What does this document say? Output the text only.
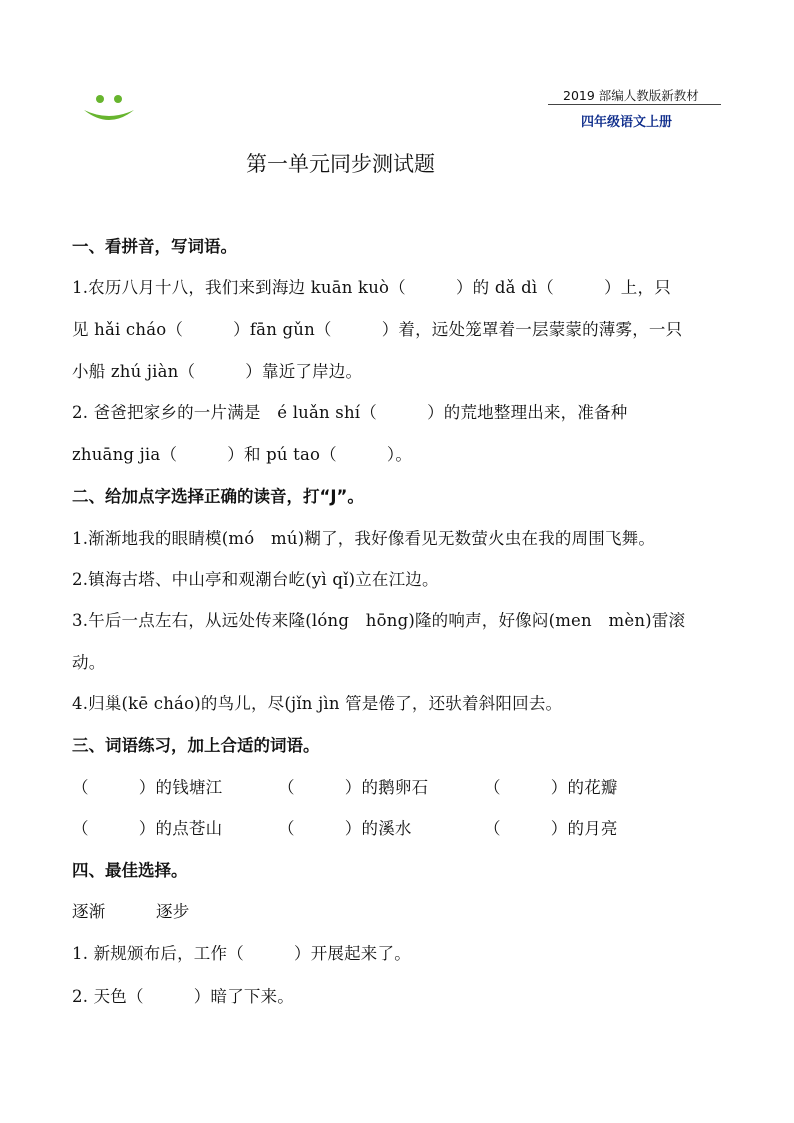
2019 部编人教版新教材
四年级语文上册
第一单元同步测试题
一、看拼音，写词语。
1.农历八月十八，我们来到海边 kuān kuò（　　　）的 dǎ dì（　　　）上，只
见 hǎi cháo（　　　）fān gǔn（　　　）着，远处笼罩着一层蒙蒙的薄雾，一只
小船 zhú jiàn（　　　）靠近了岸边。
2. 爸爸把家乡的一片满是　é luǎn shí（　　　）的荒地整理出来，准备种
zhuāng jia（　　　）和 pú tao（　　　）。
二、给加点字选择正确的读音，打“J”。
1.渐渐地我的眼睛模(mó　mú)糊了，我好像看见无数萤火虫在我的周围飞舞。
2.镇海古塔、中山亭和观潮台屹(yì qǐ)立在江边。
3.午后一点左右，从远处传来隆(lóng　hōng)隆的响声，好像闷(men　mèn)雷滚
动。
4.归巢(kē cháo)的鸟儿，尽(jǐn jìn 管是倦了，还驮着斜阳回去。
三、词语练习，加上合适的词语。
（　　　）的钱塘江	（　　　）的鹅卵石	（　　　）的花瓣
（　　　）的点苍山	（　　　）的溪水	（　　　）的月亮
四、最佳选择。
逐渐	逐步
1. 新规颁布后，工作（　　　）开展起来了。
2. 天色（　　　）暗了下来。
